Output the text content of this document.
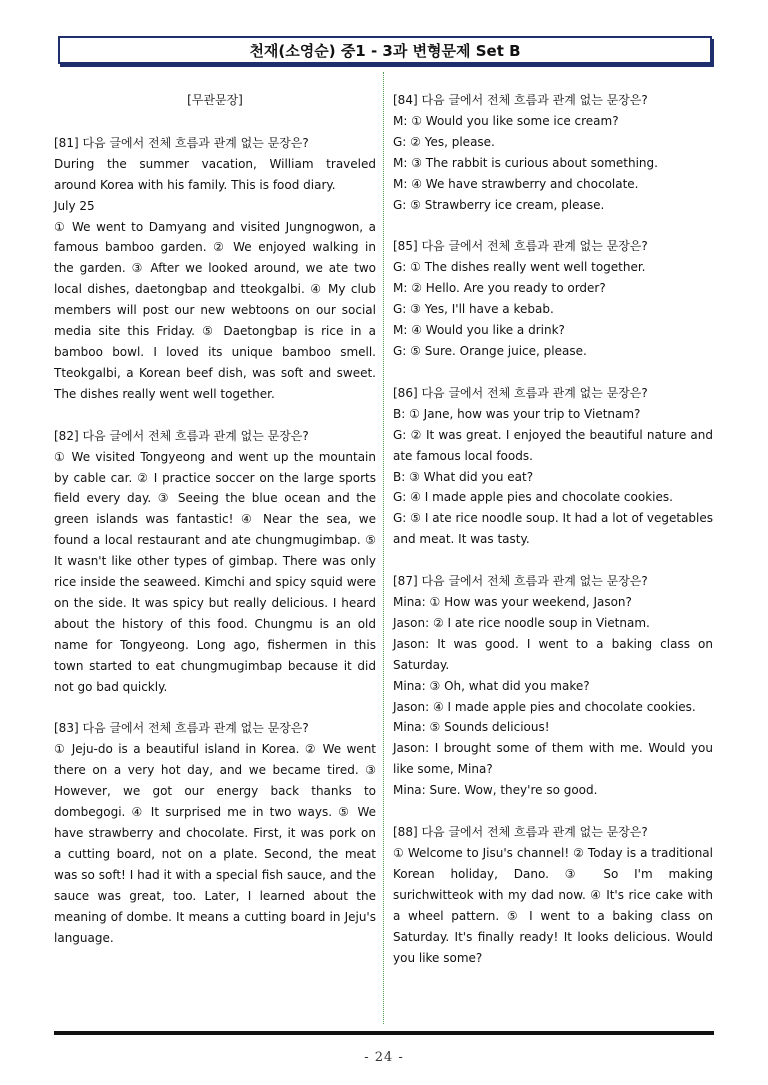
천재(소영순) 중1 - 3과 변형문제 Set B
[무관문장]
[81] 다음 글에서 전체 흐름과 관계 없는 문장은?

During the summer vacation, William traveled around Korea with his family. This is food diary.

July 25

① We went to Damyang and visited Jungnogwon, a famous bamboo garden. ② We enjoyed walking in the garden. ③ After we looked around, we ate two local dishes, daetongbap and tteokgalbi. ④ My club members will post our new webtoons on our social media site this Friday. ⑤ Daetongbap is rice in a bamboo bowl. I loved its unique bamboo smell. Tteokgalbi, a Korean beef dish, was soft and sweet. The dishes really went well together.

[82] 다음 글에서 전체 흐름과 관계 없는 문장은?

① We visited Tongyeong and went up the mountain by cable car. ② I practice soccer on the large sports field every day. ③ Seeing the blue ocean and the green islands was fantastic! ④ Near the sea, we found a local restaurant and ate chungmugimbap. ⑤ It wasn't like other types of gimbap. There was only rice inside the seaweed. Kimchi and spicy squid were on the side. It was spicy but really delicious. I heard about the history of this food. Chungmu is an old name for Tongyeong. Long ago, fishermen in this town started to eat chungmugimbap because it did not go bad quickly.

[83] 다음 글에서 전체 흐름과 관계 없는 문장은?

① Jeju-do is a beautiful island in Korea. ② We went there on a very hot day, and we became tired. ③ However, we got our energy back thanks to dombegogi. ④ It surprised me in two ways. ⑤ We have strawberry and chocolate. First, it was pork on a cutting board, not on a plate. Second, the meat was so soft! I had it with a special fish sauce, and the sauce was great, too. Later, I learned about the meaning of dombe. It means a cutting board in Jeju's language.

[84] 다음 글에서 전체 흐름과 관계 없는 문장은?

M: ① Would you like some ice cream?

G: ② Yes, please.

M: ③ The rabbit is curious about something.

M: ④ We have strawberry and chocolate.

G: ⑤ Strawberry ice cream, please.

[85] 다음 글에서 전체 흐름과 관계 없는 문장은?

G: ① The dishes really went well together.

M: ② Hello. Are you ready to order?

G: ③ Yes, I'll have a kebab.

M: ④ Would you like a drink?

G: ⑤ Sure. Orange juice, please.

[86] 다음 글에서 전체 흐름과 관계 없는 문장은?

B: ① Jane, how was your trip to Vietnam?

G: ② It was great. I enjoyed the beautiful nature and ate famous local foods.

B: ③ What did you eat?

G: ④ I made apple pies and chocolate cookies.

G: ⑤ I ate rice noodle soup. It had a lot of vegetables and meat. It was tasty.

[87] 다음 글에서 전체 흐름과 관계 없는 문장은?

Mina: ① How was your weekend, Jason?

Jason: ② I ate rice noodle soup in Vietnam.

Jason: It was good. I went to a baking class on Saturday.

Mina: ③ Oh, what did you make?

Jason: ④ I made apple pies and chocolate cookies.

Mina: ⑤ Sounds delicious!

Jason: I brought some of them with me. Would you like some, Mina?

Mina: Sure. Wow, they're so good.

[88] 다음 글에서 전체 흐름과 관계 없는 문장은?

① Welcome to Jisu's channel! ② Today is a traditional Korean holiday, Dano. ③ So I'm making surichwitteok with my dad now. ④ It's rice cake with a wheel pattern. ⑤ I went to a baking class on Saturday. It's finally ready! It looks delicious. Would you like some?

- 24 -
